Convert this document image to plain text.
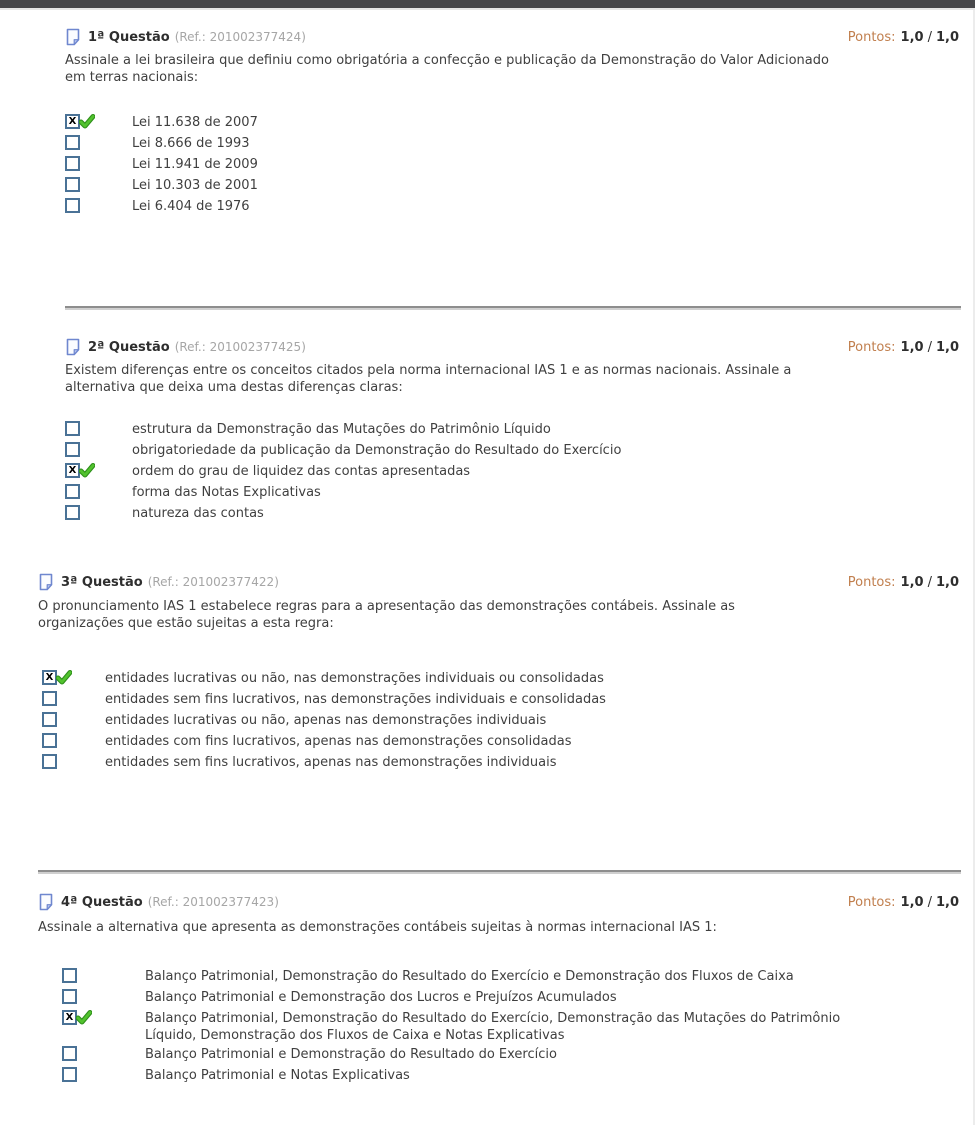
1ª Questão (Ref.: 201002377424)	Pontos: 1,0 / 1,0
Assinale a lei brasileira que definiu como obrigatória a confecção e publicação da Demonstração do Valor Adicionado em terras nacionais:
X	Lei 11.638 de 2007
Lei 8.666 de 1993
Lei 11.941 de 2009
Lei 10.303 de 2001
Lei 6.404 de 1976
2ª Questão (Ref.: 201002377425)	Pontos: 1,0 / 1,0
Existem diferenças entre os conceitos citados pela norma internacional IAS 1 e as normas nacionais. Assinale a alternativa que deixa uma destas diferenças claras:
estrutura da Demonstração das Mutações do Patrimônio Líquido
obrigatoriedade da publicação da Demonstração do Resultado do Exercício
X	ordem do grau de liquidez das contas apresentadas
forma das Notas Explicativas
natureza das contas
3ª Questão (Ref.: 201002377422)	Pontos: 1,0 / 1,0
O pronunciamento IAS 1 estabelece regras para a apresentação das demonstrações contábeis. Assinale as organizações que estão sujeitas a esta regra:
X	entidades lucrativas ou não, nas demonstrações individuais ou consolidadas
entidades sem fins lucrativos, nas demonstrações individuais e consolidadas
entidades lucrativas ou não, apenas nas demonstrações individuais
entidades com fins lucrativos, apenas nas demonstrações consolidadas
entidades sem fins lucrativos, apenas nas demonstrações individuais
4ª Questão (Ref.: 201002377423)	Pontos: 1,0 / 1,0
Assinale a alternativa que apresenta as demonstrações contábeis sujeitas à normas internacional IAS 1:
Balanço Patrimonial, Demonstração do Resultado do Exercício e Demonstração dos Fluxos de Caixa
Balanço Patrimonial e Demonstração dos Lucros e Prejuízos Acumulados
X	Balanço Patrimonial, Demonstração do Resultado do Exercício, Demonstração das Mutações do Patrimônio Líquido, Demonstração dos Fluxos de Caixa e Notas Explicativas
Balanço Patrimonial e Demonstração do Resultado do Exercício
Balanço Patrimonial e Notas Explicativas
